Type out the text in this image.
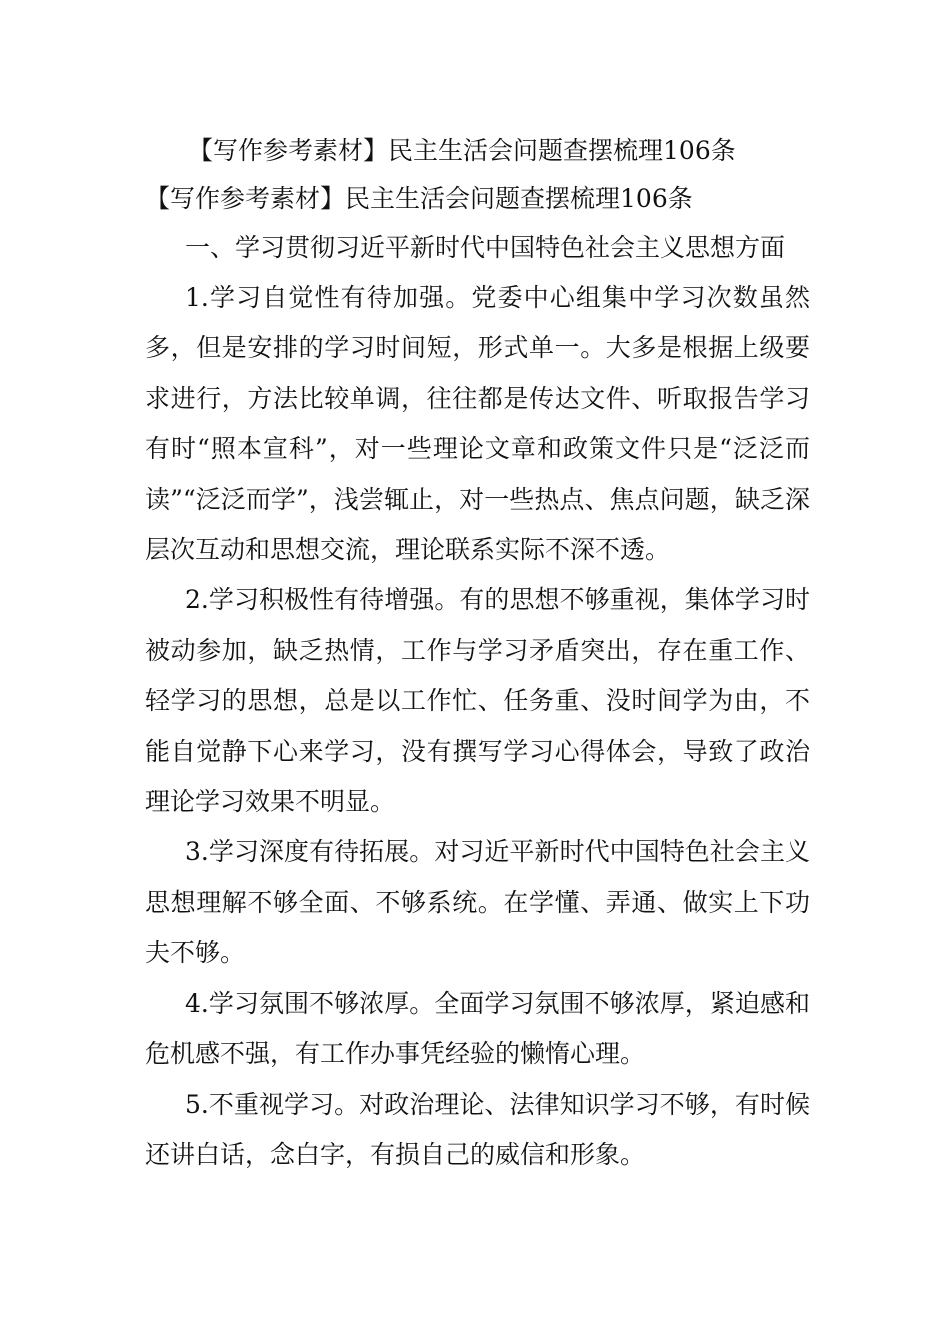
【写作参考素材】民主生活会问题查摆梳理106条
【写作参考素材】民主生活会问题查摆梳理106条
一、学习贯彻习近平新时代中国特色社会主义思想方面

1.学习自觉性有待加强。党委中心组集中学习次数虽然多，但是安排的学习时间短，形式单一。大多是根据上级要求进行，方法比较单调，往往都是传达文件、听取报告学习有时“照本宣科”，对一些理论文章和政策文件只是“泛泛而读”“泛泛而学”，浅尝辄止，对一些热点、焦点问题，缺乏深层次互动和思想交流，理论联系实际不深不透。

2.学习积极性有待增强。有的思想不够重视，集体学习时被动参加，缺乏热情，工作与学习矛盾突出，存在重工作、轻学习的思想，总是以工作忙、任务重、没时间学为由，不能自觉静下心来学习，没有撰写学习心得体会，导致了政治理论学习效果不明显。

3.学习深度有待拓展。对习近平新时代中国特色社会主义思想理解不够全面、不够系统。在学懂、弄通、做实上下功夫不够。

4.学习氛围不够浓厚。全面学习氛围不够浓厚，紧迫感和危机感不强，有工作办事凭经验的懒惰心理。

5.不重视学习。对政治理论、法律知识学习不够，有时候还讲白话，念白字，有损自己的威信和形象。
